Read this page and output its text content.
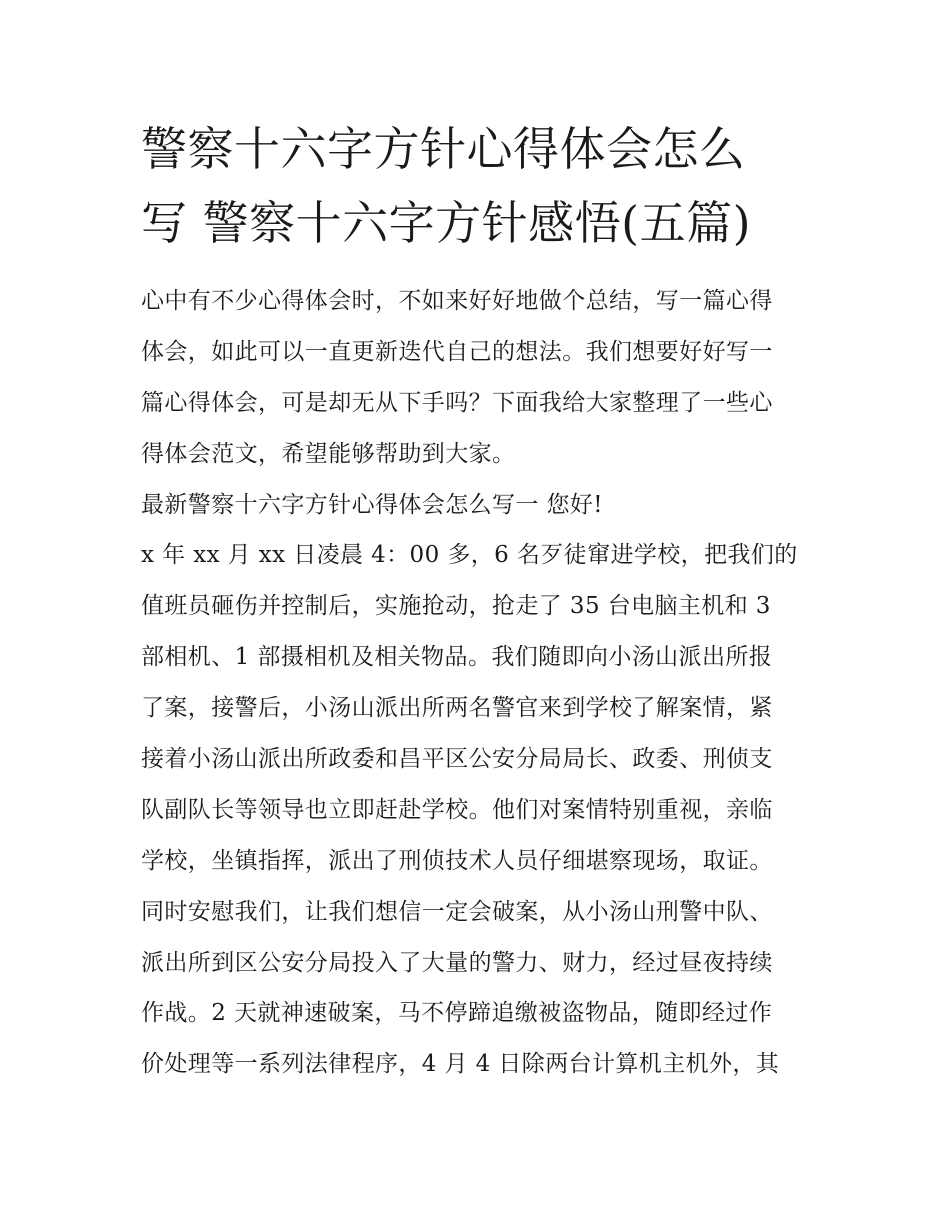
警察十六字方针心得体会怎么
写 警察十六字方针感悟(五篇)
心中有不少心得体会时，不如来好好地做个总结，写一篇心得
体会，如此可以一直更新迭代自己的想法。我们想要好好写一
篇心得体会，可是却无从下手吗？下面我给大家整理了一些心
得体会范文，希望能够帮助到大家。
最新警察十六字方针心得体会怎么写一 您好!
x 年 xx 月 xx 日凌晨 4：00 多，6 名歹徒窜进学校，把我们的
值班员砸伤并控制后，实施抢动，抢走了 35 台电脑主机和 3
部相机、1 部摄相机及相关物品。我们随即向小汤山派出所报
了案，接警后，小汤山派出所两名警官来到学校了解案情，紧
接着小汤山派出所政委和昌平区公安分局局长、政委、刑侦支
队副队长等领导也立即赶赴学校。他们对案情特别重视，亲临
学校，坐镇指挥，派出了刑侦技术人员仔细堪察现场，取证。
同时安慰我们，让我们想信一定会破案，从小汤山刑警中队、
派出所到区公安分局投入了大量的警力、财力，经过昼夜持续
作战。2 天就神速破案，马不停蹄追缴被盗物品，随即经过作
价处理等一系列法律程序，4 月 4 日除两台计算机主机外，其
